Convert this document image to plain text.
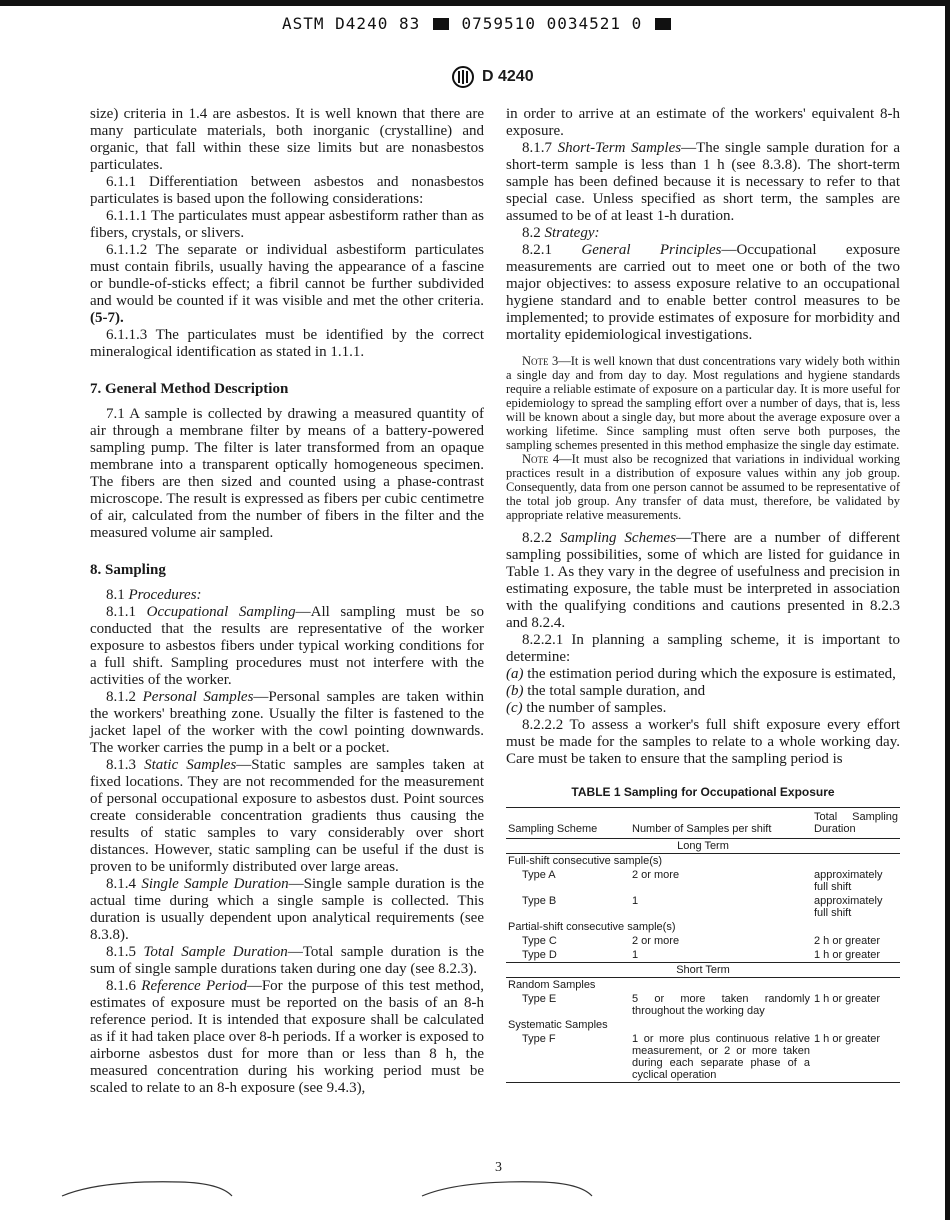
ASTM D4240 83	0759510 0034521 0
D 4240

size) criteria in 1.4 are asbestos. It is well known that there are many particulate materials, both inorganic (crystalline) and organic, that fall within these size limits but are nonasbestos particulates.

6.1.1 Differentiation between asbestos and nonasbestos particulates is based upon the following considerations:

6.1.1.1 The particulates must appear asbestiform rather than as fibers, crystals, or slivers.

6.1.1.2 The separate or individual asbestiform particulates must contain fibrils, usually having the appearance of a fascine or bundle-of-sticks effect; a fibril cannot be further subdivided and would be counted if it was visible and met the other criteria. (5-7).

6.1.1.3 The particulates must be identified by the correct mineralogical identification as stated in 1.1.1.

7. General Method Description

7.1 A sample is collected by drawing a measured quantity of air through a membrane filter by means of a battery-powered sampling pump. The filter is later transformed from an opaque membrane into a transparent optically homogeneous specimen. The fibers are then sized and counted using a phase-contrast microscope. The result is expressed as fibers per cubic centimetre of air, calculated from the number of fibers in the filter and the measured volume air sampled.

8. Sampling

8.1 Procedures:

8.1.1 Occupational Sampling—All sampling must be so conducted that the results are representative of the worker exposure to asbestos fibers under typical working conditions for a full shift. Sampling procedures must not interfere with the activities of the worker.

8.1.2 Personal Samples—Personal samples are taken within the workers' breathing zone. Usually the filter is fastened to the jacket lapel of the worker with the cowl pointing downwards. The worker carries the pump in a belt or a pocket.

8.1.3 Static Samples—Static samples are samples taken at fixed locations. They are not recommended for the measurement of personal occupational exposure to asbestos dust. Point sources create considerable concentration gradients thus causing the results of static samples to vary considerably over short distances. However, static sampling can be useful if the dust is proven to be uniformly distributed over large areas.

8.1.4 Single Sample Duration—Single sample duration is the actual time during which a single sample is collected. This duration is usually dependent upon analytical requirements (see 8.3.8).

8.1.5 Total Sample Duration—Total sample duration is the sum of single sample durations taken during one day (see 8.2.3).

8.1.6 Reference Period—For the purpose of this test method, estimates of exposure must be reported on the basis of an 8-h reference period. It is intended that exposure shall be calculated as if it had taken place over 8-h periods. If a worker is exposed to airborne asbestos dust for more than or less than 8 h, the measured concentration during his working period must be scaled to relate to an 8-h exposure (see 9.4.3),

in order to arrive at an estimate of the workers' equivalent 8-h exposure.

8.1.7 Short-Term Samples—The single sample duration for a short-term sample is less than 1 h (see 8.3.8). The short-term sample has been defined because it is necessary to refer to that special case. Unless specified as short term, the samples are assumed to be of at least 1-h duration.

8.2 Strategy:

8.2.1 General Principles—Occupational exposure measurements are carried out to meet one or both of the two major objectives: to assess exposure relative to an occupational hygiene standard and to enable better control measures to be implemented; to provide estimates of exposure for morbidity and mortality epidemiological investigations.

Note 3—It is well known that dust concentrations vary widely both within a single day and from day to day. Most regulations and hygiene standards require a reliable estimate of exposure on a particular day. It is more useful for epidemiology to spread the sampling effort over a number of days, that is, less will be known about a single day, but more about the average exposure over a working lifetime. Since sampling must often serve both purposes, the sampling schemes presented in this method emphasize the single day estimate.

Note 4—It must also be recognized that variations in individual working practices result in a distribution of exposure values within any job group. Consequently, data from one person cannot be assumed to be representative of the total job group. Any transfer of data must, therefore, be validated by appropriate relative measurements.

8.2.2 Sampling Schemes—There are a number of different sampling possibilities, some of which are listed for guidance in Table 1. As they vary in the degree of usefulness and precision in estimating exposure, the table must be interpreted in association with the qualifying conditions and cautions presented in 8.2.3 and 8.2.4.

8.2.2.1 In planning a sampling scheme, it is important to determine:

(a) the estimation period during which the exposure is estimated,

(b) the total sample duration, and

(c) the number of samples.

8.2.2.2 To assess a worker's full shift exposure every effort must be made for the samples to relate to a whole working day. Care must be taken to ensure that the sampling period is

TABLE 1 Sampling for Occupational Exposure
Sampling Scheme	Number of Samples per shift	Total Sampling Duration
Long Term		
Full-shift consecutive sample(s)		
Type A	2 or more	approximately full shift
Type B	1	approximately full shift
Partial-shift consecutive sample(s)		
Type C	2 or more	2 h or greater
Type D	1	1 h or greater
Short Term		
Random Samples		
Type E	5 or more taken randomly throughout the working day	1 h or greater
Systematic Samples		
Type F	1 or more plus continuous relative measurement, or 2 or more taken during each separate phase of a cyclical operation	1 h or greater
3
